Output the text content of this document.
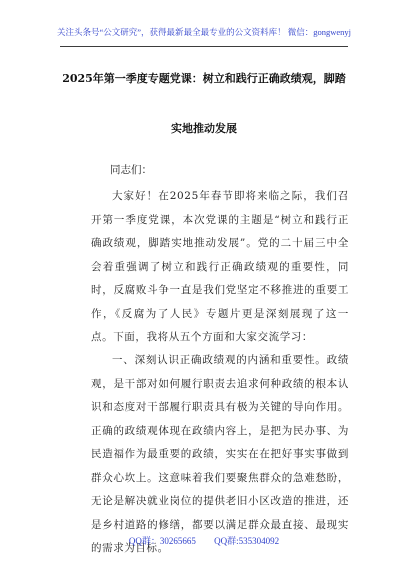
关注头条号“公文研究”，获得最新最全最专业的公文资料库！ 微信：gongwenyj
2025年第一季度专题党课：树立和践行正确政绩观，脚踏
实地推动发展
同志们：

大家好！在2025年春节即将来临之际，我们召开第一季度党课，本次党课的主题是“树立和践行正确政绩观，脚踏实地推动发展”。党的二十届三中全会着重强调了树立和践行正确政绩观的重要性，同时，反腐败斗争一直是我们党坚定不移推进的重要工作，《反腐为了人民》专题片更是深刻展现了这一点。下面，我将从五个方面和大家交流学习：

一、深刻认识正确政绩观的内涵和重要性。政绩观，是干部对如何履行职责去追求何种政绩的根本认识和态度对干部履行职责具有极为关键的导向作用。正确的政绩观体现在政绩内容上，是把为民办事、为民造福作为最重要的政绩，实实在在把好事实事做到群众心坎上。这意味着我们要聚焦群众的急难愁盼，无论是解决就业岗位的提供老旧小区改造的推进，还是乡村道路的修缮，都要以满足群众最直接、最现实的需求为目标。

QQ群：30265665 QQ群:535304092
